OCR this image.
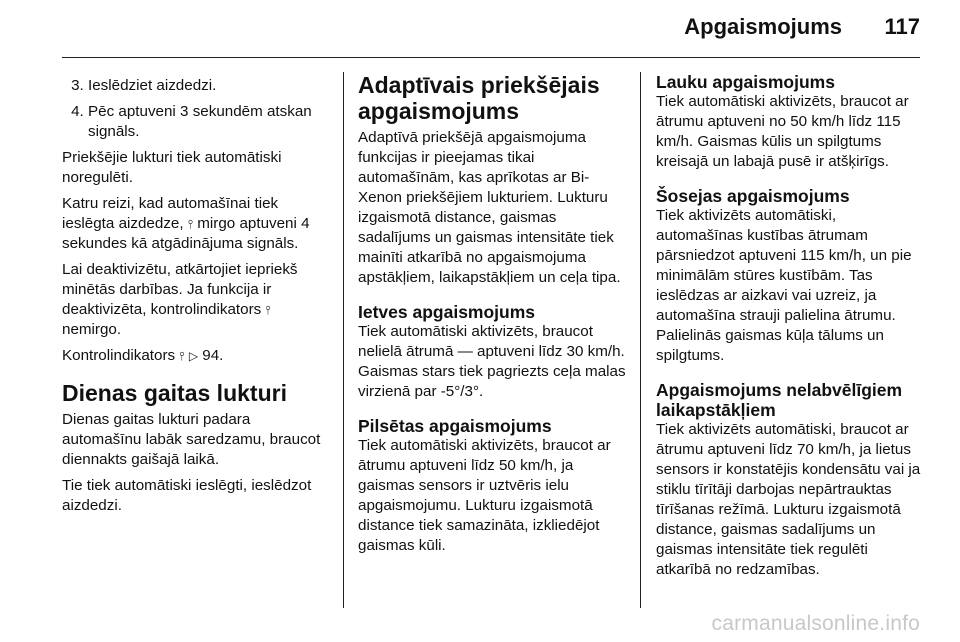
Apgaismojums 117
3. Ieslēdziet aizdedzi.
4. Pēc aptuveni 3 sekundēm atskan signāls.

Priekšējie lukturi tiek automātiski noregulēti.

Katru reizi, kad automašīnai tiek ieslēgta aizdedze, ⫯ mirgo aptuveni 4 sekundes kā atgādinājuma signāls.

Lai deaktivizētu, atkārtojiet iepriekš minētās darbības. Ja funkcija ir deaktivizēta, kontrolindikators ⫯ nemirgo.

Kontrolindikators ⫯ ▷ 94.

Dienas gaitas lukturi

Dienas gaitas lukturi padara automašīnu labāk saredzamu, braucot diennakts gaišajā laikā.

Tie tiek automātiski ieslēgti, ieslēdzot aizdedzi.

Adaptīvais priekšējais apgaismojums

Adaptīvā priekšējā apgaismojuma funkcijas ir pieejamas tikai automašīnām, kas aprīkotas ar Bi-Xenon priekšējiem lukturiem. Lukturu izgaismotā distance, gaismas sadalījums un gaismas intensitāte tiek mainīti atkarībā no apgaismojuma apstākļiem, laikapstākļiem un ceļa tipa.

Ietves apgaismojums

Tiek automātiski aktivizēts, braucot nelielā ātrumā — aptuveni līdz 30 km/h. Gaismas stars tiek pagriezts ceļa malas virzienā par -5°/3°.

Pilsētas apgaismojums

Tiek automātiski aktivizēts, braucot ar ātrumu aptuveni līdz 50 km/h, ja gaismas sensors ir uztvēris ielu apgaismojumu. Lukturu izgaismotā distance tiek samazināta, izkliedējot gaismas kūli.

Lauku apgaismojums

Tiek automātiski aktivizēts, braucot ar ātrumu aptuveni no 50 km/h līdz 115 km/h. Gaismas kūlis un spilgtums kreisajā un labajā pusē ir atšķirīgs.

Šosejas apgaismojums

Tiek aktivizēts automātiski, automašīnas kustības ātrumam pārsniedzot aptuveni 115 km/h, un pie minimālām stūres kustībām. Tas ieslēdzas ar aizkavi vai uzreiz, ja automašīna strauji palielina ātrumu. Palielinās gaismas kūļa tālums un spilgtums.

Apgaismojums nelabvēlīgiem laikapstākļiem

Tiek aktivizēts automātiski, braucot ar ātrumu aptuveni līdz 70 km/h, ja lietus sensors ir konstatējis kondensātu vai ja stiklu tīrītāji darbojas nepārtrauktas tīrīšanas režīmā. Lukturu izgaismotā distance, gaismas sadalījums un gaismas intensitāte tiek regulēti atkarībā no redzamības.

carmanualsonline.info
